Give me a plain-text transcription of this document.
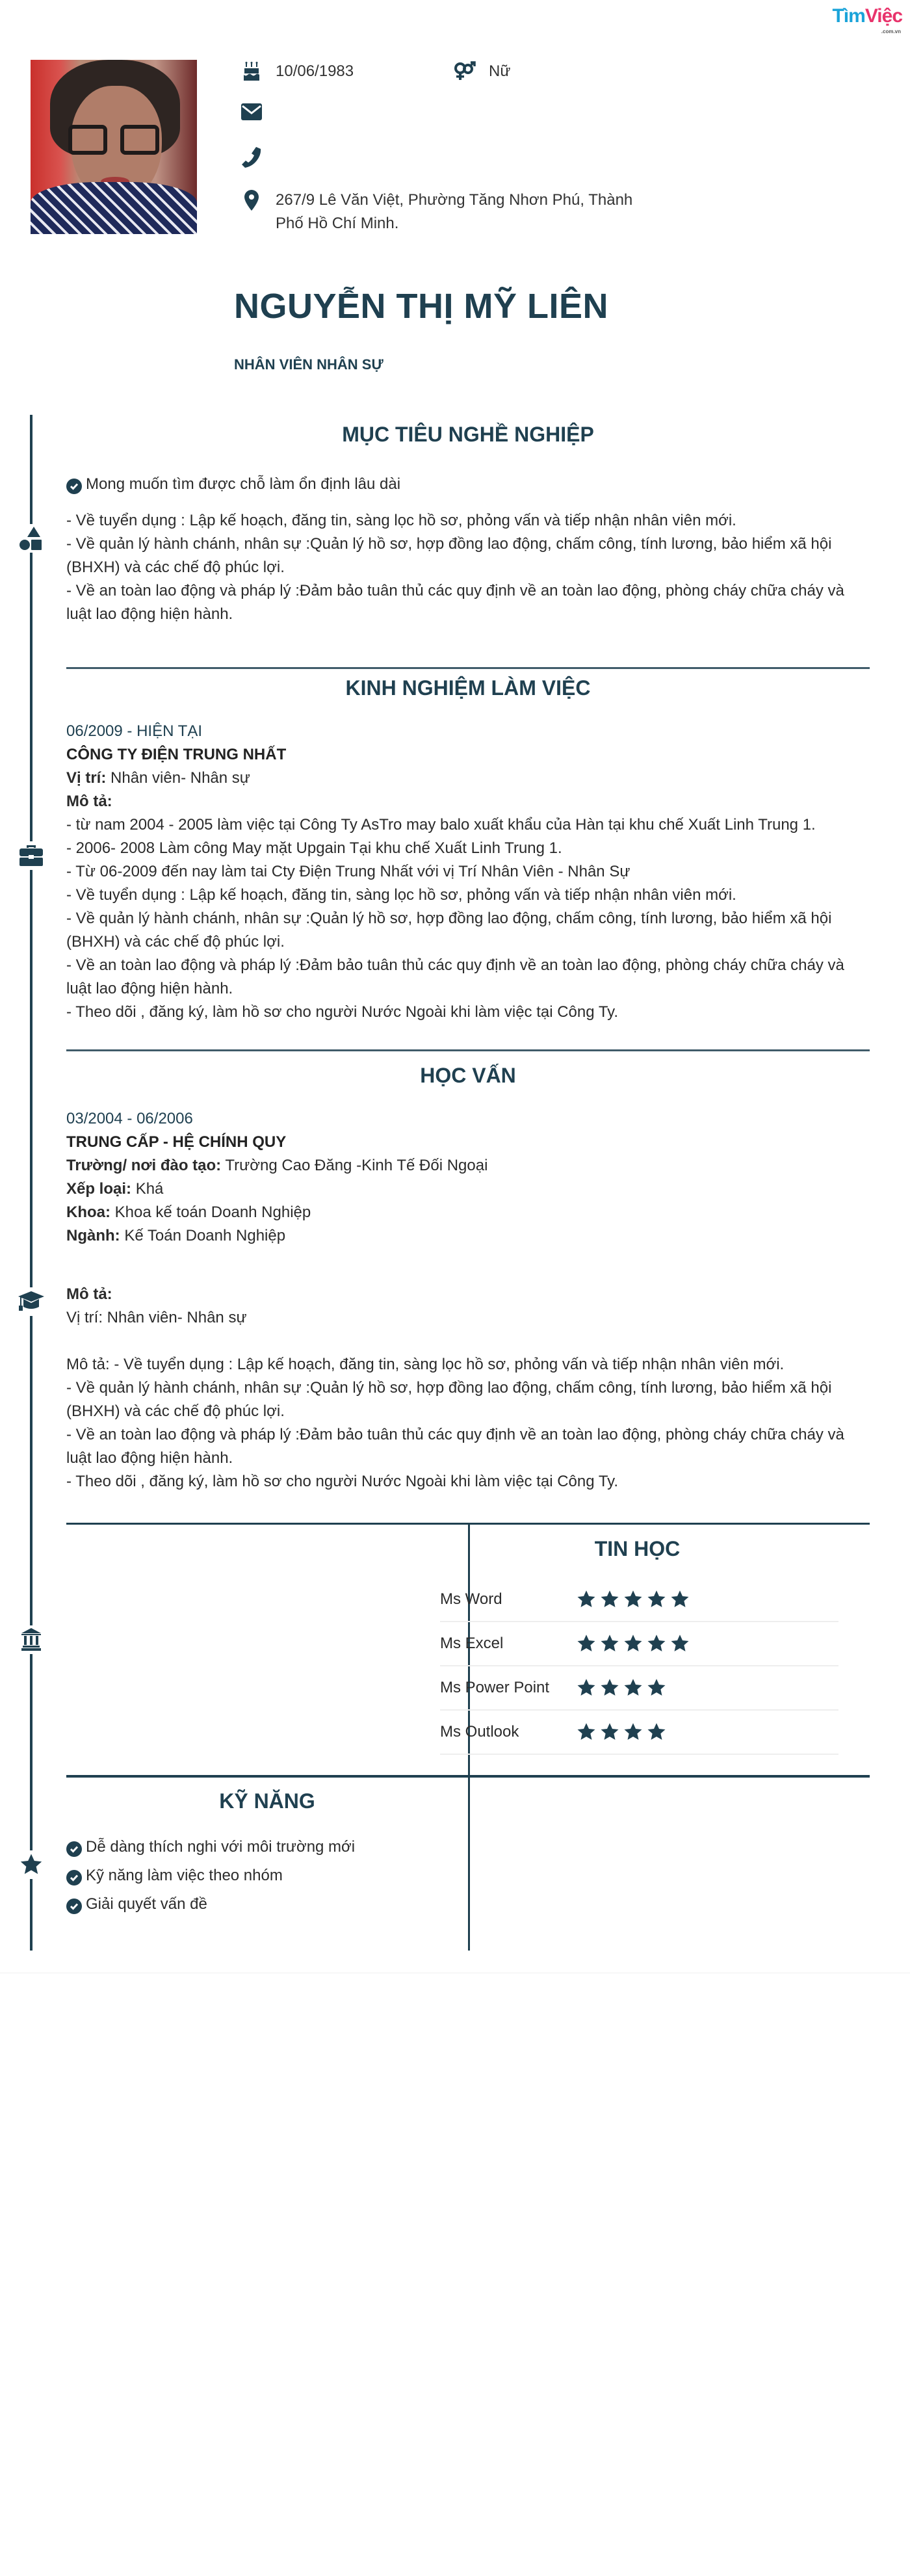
TìmViệc
.com.vn
10/06/1983	Nữ
267/9 Lê Văn Việt, Phường Tăng Nhơn Phú, Thành
Phố Hồ Chí Minh.
NGUYỄN THỊ MỸ LIÊN
NHÂN VIÊN NHÂN SỰ
MỤC TIÊU NGHỀ NGHIỆP
Mong muốn tìm được chỗ làm ổn định lâu dài
- Về tuyển dụng : Lập kế hoạch, đăng tin, sàng lọc hồ sơ, phỏng vấn và tiếp nhận nhân viên mới.
- Về quản lý hành chánh, nhân sự :Quản lý hồ sơ, hợp đồng lao động, chấm công, tính lương, bảo hiểm xã hội (BHXH) và các chế độ phúc lợi.
- Về an toàn lao động và pháp lý :Đảm bảo tuân thủ các quy định về an toàn lao động, phòng cháy chữa cháy và luật lao động hiện hành.
KINH NGHIỆM LÀM VIỆC
06/2009 - HIỆN TẠI
CÔNG TY ĐIỆN TRUNG NHẤT
Vị trí: Nhân viên- Nhân sự
Mô tả:
- từ nam 2004 - 2005 làm việc tại Công Ty AsTro may balo xuất khẩu của Hàn tại khu chế Xuất Linh Trung 1.
- 2006- 2008 Làm công May mặt Upgain Tại khu chế Xuất Linh Trung 1.
- Từ 06-2009 đến nay làm tai Cty Điện Trung Nhất với vị Trí Nhân Viên - Nhân Sự
- Về tuyển dụng : Lập kế hoạch, đăng tin, sàng lọc hồ sơ, phỏng vấn và tiếp nhận nhân viên mới.
- Về quản lý hành chánh, nhân sự :Quản lý hồ sơ, hợp đồng lao động, chấm công, tính lương, bảo hiểm xã hội (BHXH) và các chế độ phúc lợi.
- Về an toàn lao động và pháp lý :Đảm bảo tuân thủ các quy định về an toàn lao động, phòng cháy chữa cháy và luật lao động hiện hành.
- Theo dõi , đăng ký, làm hồ sơ cho người Nước Ngoài khi làm việc tại Công Ty.
HỌC VẤN
03/2004 - 06/2006
TRUNG CẤP - HỆ CHÍNH QUY
Trường/ nơi đào tạo: Trường Cao Đăng -Kinh Tế Đối Ngoại
Xếp loại: Khá
Khoa: Khoa kế toán Doanh Nghiệp
Ngành: Kế Toán Doanh Nghiệp
Mô tả:
Vị trí: Nhân viên- Nhân sự
Mô tả: - Về tuyển dụng : Lập kế hoạch, đăng tin, sàng lọc hồ sơ, phỏng vấn và tiếp nhận nhân viên mới.
- Về quản lý hành chánh, nhân sự :Quản lý hồ sơ, hợp đồng lao động, chấm công, tính lương, bảo hiểm xã hội (BHXH) và các chế độ phúc lợi.
- Về an toàn lao động và pháp lý :Đảm bảo tuân thủ các quy định về an toàn lao động, phòng cháy chữa cháy và luật lao động hiện hành.
- Theo dõi , đăng ký, làm hồ sơ cho người Nước Ngoài khi làm việc tại Công Ty.
TIN HỌC
Ms Word
Ms Excel
Ms Power Point
Ms Outlook
KỸ NĂNG
Dễ dàng thích nghi với môi trường mới
Kỹ năng làm việc theo nhóm
Giải quyết vấn đề
